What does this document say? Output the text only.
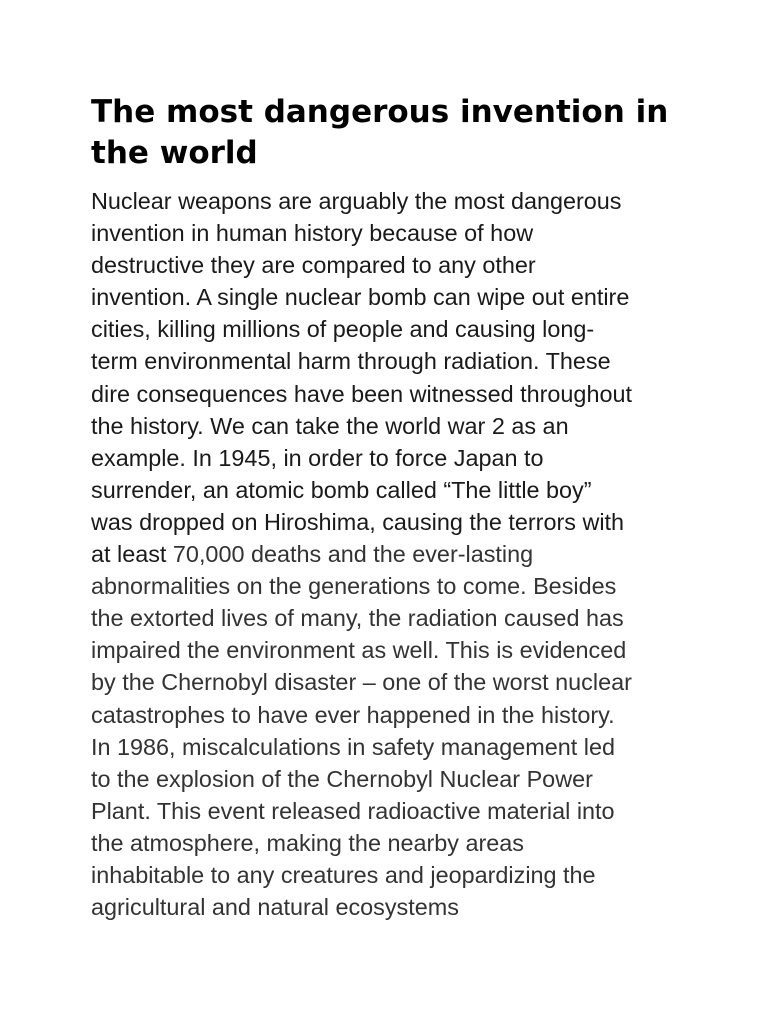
The most dangerous invention in
the world
Nuclear weapons are arguably the most dangerous
invention in human history because of how
destructive they are compared to any other
invention. A single nuclear bomb can wipe out entire
cities, killing millions of people and causing long-
term environmental harm through radiation. These
dire consequences have been witnessed throughout
the history. We can take the world war 2 as an
example. In 1945, in order to force Japan to
surrender, an atomic bomb called “The little boy”
was dropped on Hiroshima, causing the terrors with
at least 70,000 deaths and the ever-lasting
abnormalities on the generations to come. Besides
the extorted lives of many, the radiation caused has
impaired the environment as well. This is evidenced
by the Chernobyl disaster – one of the worst nuclear
catastrophes to have ever happened in the history.
In 1986, miscalculations in safety management led
to the explosion of the Chernobyl Nuclear Power
Plant. This event released radioactive material into
the atmosphere, making the nearby areas
inhabitable to any creatures and jeopardizing the
agricultural and natural ecosystems
